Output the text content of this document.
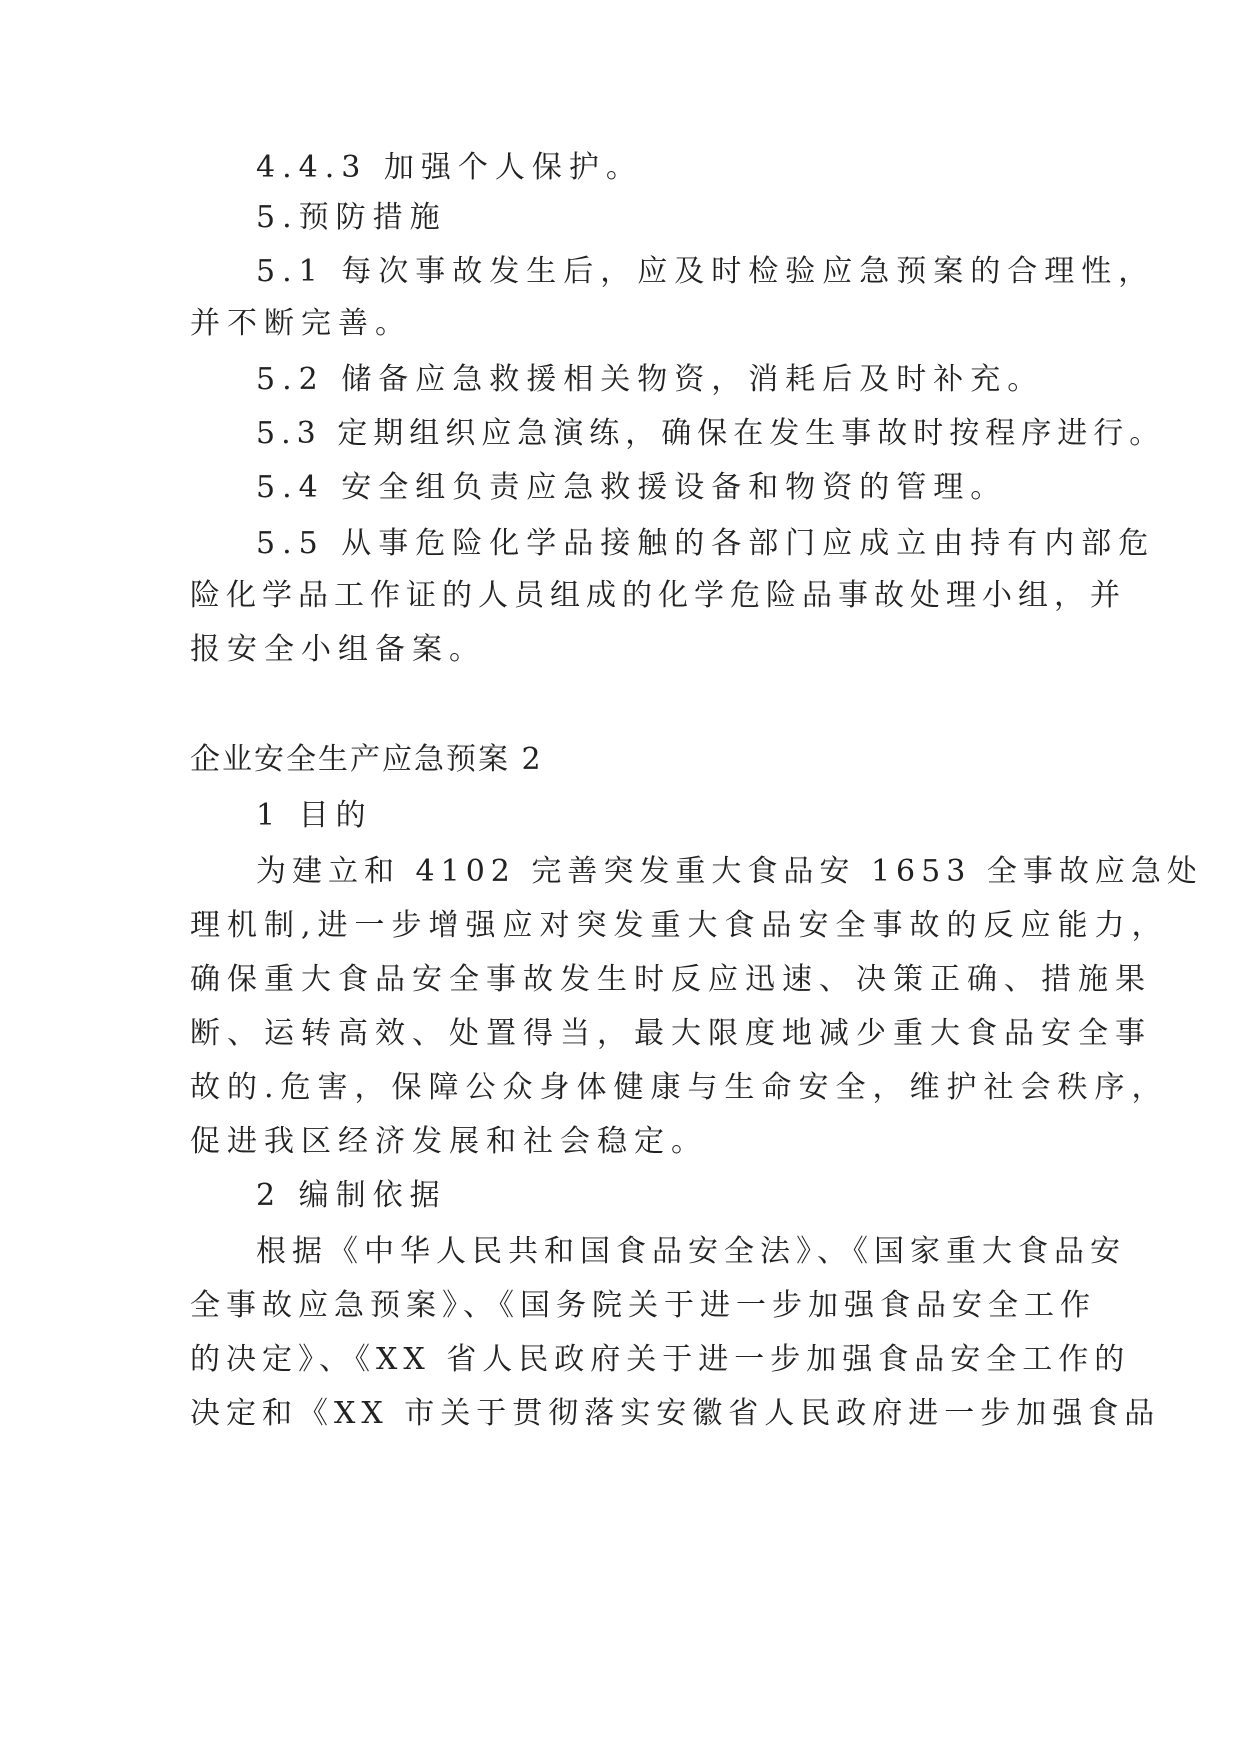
4.4.3 加强个人保护。
5.预防措施
5.1 每次事故发生后，应及时检验应急预案的合理性，
并不断完善。
5.2 储备应急救援相关物资，消耗后及时补充。
5.3 定期组织应急演练，确保在发生事故时按程序进行。
5.4 安全组负责应急救援设备和物资的管理。
5.5 从事危险化学品接触的各部门应成立由持有内部危
险化学品工作证的人员组成的化学危险品事故处理小组，并
报安全小组备案。
企业安全生产应急预案 2
1 目的
为建立和 4102 完善突发重大食品安 1653 全事故应急处
理机制,进一步增强应对突发重大食品安全事故的反应能力，
确保重大食品安全事故发生时反应迅速、决策正确、措施果
断、运转高效、处置得当，最大限度地减少重大食品安全事
故的.危害，保障公众身体健康与生命安全，维护社会秩序，
促进我区经济发展和社会稳定。
2 编制依据
根据《中华人民共和国食品安全法》、《国家重大食品安
全事故应急预案》、《国务院关于进一步加强食品安全工作
的决定》、《XX 省人民政府关于进一步加强食品安全工作的
决定和《XX 市关于贯彻落实安徽省人民政府进一步加强食品
